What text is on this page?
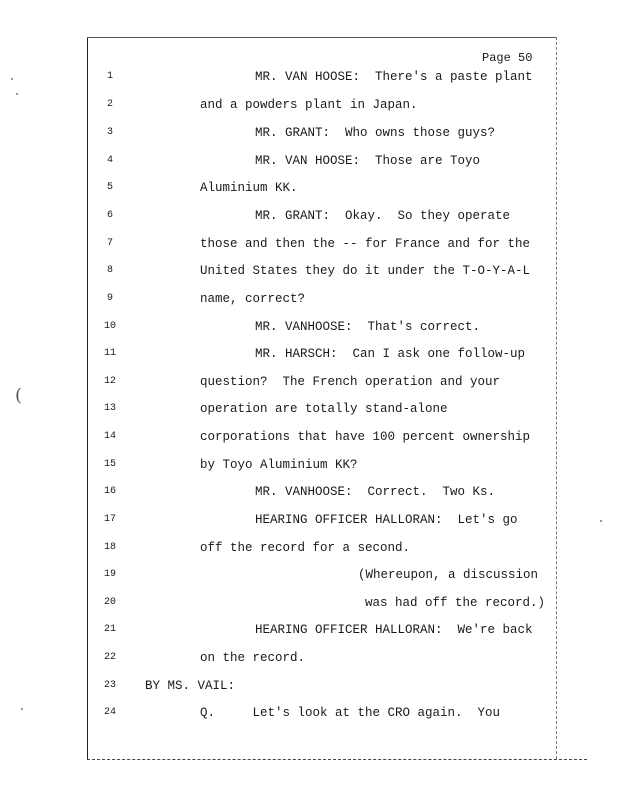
Page 50
(
1	MR. VAN HOOSE:  There's a paste plant
2	and a powders plant in Japan.
3	MR. GRANT:  Who owns those guys?
4	MR. VAN HOOSE:  Those are Toyo
5	Aluminium KK.
6	MR. GRANT:  Okay.  So they operate
7	those and then the -- for France and for the
8	United States they do it under the T-O-Y-A-L
9	name, correct?
10	MR. VANHOOSE:  That's correct.
11	MR. HARSCH:  Can I ask one follow-up
12	question?  The French operation and your
13	operation are totally stand-alone
14	corporations that have 100 percent ownership
15	by Toyo Aluminium KK?
16	MR. VANHOOSE:  Correct.  Two Ks.
17	HEARING OFFICER HALLORAN:  Let's go
18	off the record for a second.
19	(Whereupon, a discussion
20	was had off the record.)
21	HEARING OFFICER HALLORAN:  We're back
22	on the record.
23	BY MS. VAIL:
24	Q.     Let's look at the CRO again.  You
